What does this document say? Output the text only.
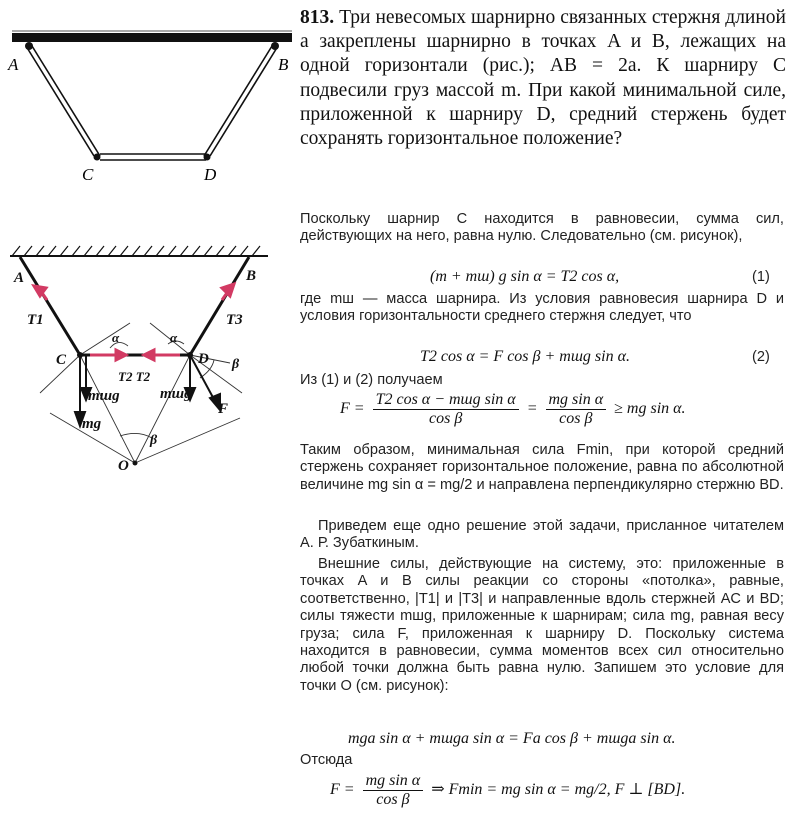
813. Три невесомых шарнирно связанных стержня длиной a закреплены шарнирно в точках A и B, лежащих на одной горизонтали (рис.); AB = 2a. К шарниру C подвесили груз массой m. При какой минимальной силе, приложенной к шарниру D, средний стержень будет сохранять горизонтальное положение?
A	B
C	D
A	B
C	D
O
T1	T3
T2 T2
mшg
mg
mшg
F
α	α
β
β

Поскольку шарнир C находится в равновесии, сумма сил, действующих на него, равна нулю. Следовательно (см. рисунок),

(m + mш) g sin α = T2 cos α,	(1)

где mш — масса шарнира. Из условия равновесия шарнира D и условия горизонтальности среднего стержня следует, что

T2 cos α = F cos β + mшg sin α.	(2)

Из (1) и (2) получаем

$F = \frac{\text{T2 cos α − mшg sin α}}{\text{cos β}} = \frac{\text{mg sin α}}{\text{cos β}}$ ≥ mg sin α.

Таким образом, минимальная сила Fmin, при которой средний стержень сохраняет горизонтальное положение, равна по абсолютной величине mg sin α = mg/2 и направлена перпендикулярно стержню BD.

Приведем еще одно решение этой задачи, присланное читателем А. Р. Зубаткиным.

Внешние силы, действующие на систему, это: приложенные в точках A и B силы реакции со стороны «потолка», равные, соответственно, |T1| и |T3| и направленные вдоль стержней AC и BD; силы тяжести mшg, приложенные к шарнирам; сила mg, равная весу груза; сила F, приложенная к шарниру D. Поскольку система находится в равновесии, сумма моментов всех сил относительно любой точки должна быть равна нулю. Запишем это условие для точки O (см. рисунок):

mga sin α + mшga sin α = Fa cos β + mшga sin α.

Отсюда

$F = \frac{\text{mg sin α}}{\text{cos β}}$ ⇒ Fmin = mg sin α = mg/2, F ⊥ [BD].
